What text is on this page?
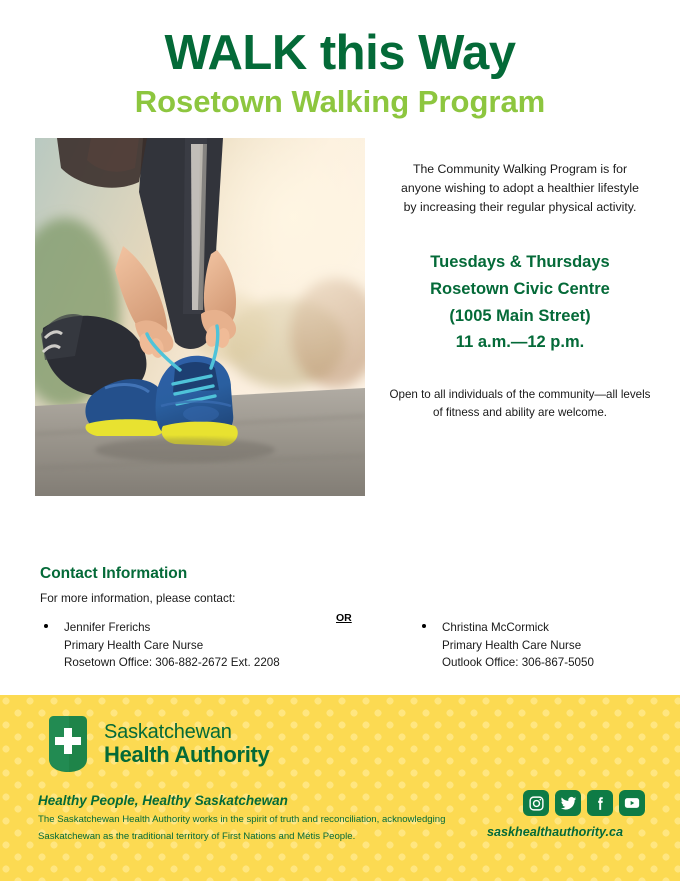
WALK this Way
Rosetown Walking Program

The Community Walking Program is for anyone wishing to adopt a healthier lifestyle by increasing their regular physical activity.

Tuesdays & Thursdays
Rosetown Civic Centre
(1005 Main Street)
11 a.m.—12 p.m.

Open to all individuals of the community—all levels of fitness and ability are welcome.

Contact Information
For more information, please contact:
OR
Jennifer Frerichs
Primary Health Care Nurse
Rosetown Office: 306-882-2672 Ext. 2208
Christina McCormick
Primary Health Care Nurse
Outlook Office: 306-867-5050
Saskatchewan
Health Authority
Healthy People, Healthy Saskatchewan
The Saskatchewan Health Authority works in the spirit of truth and reconciliation, acknowledging Saskatchewan as the traditional territory of First Nations and Métis People.	saskhealthauthority.ca
